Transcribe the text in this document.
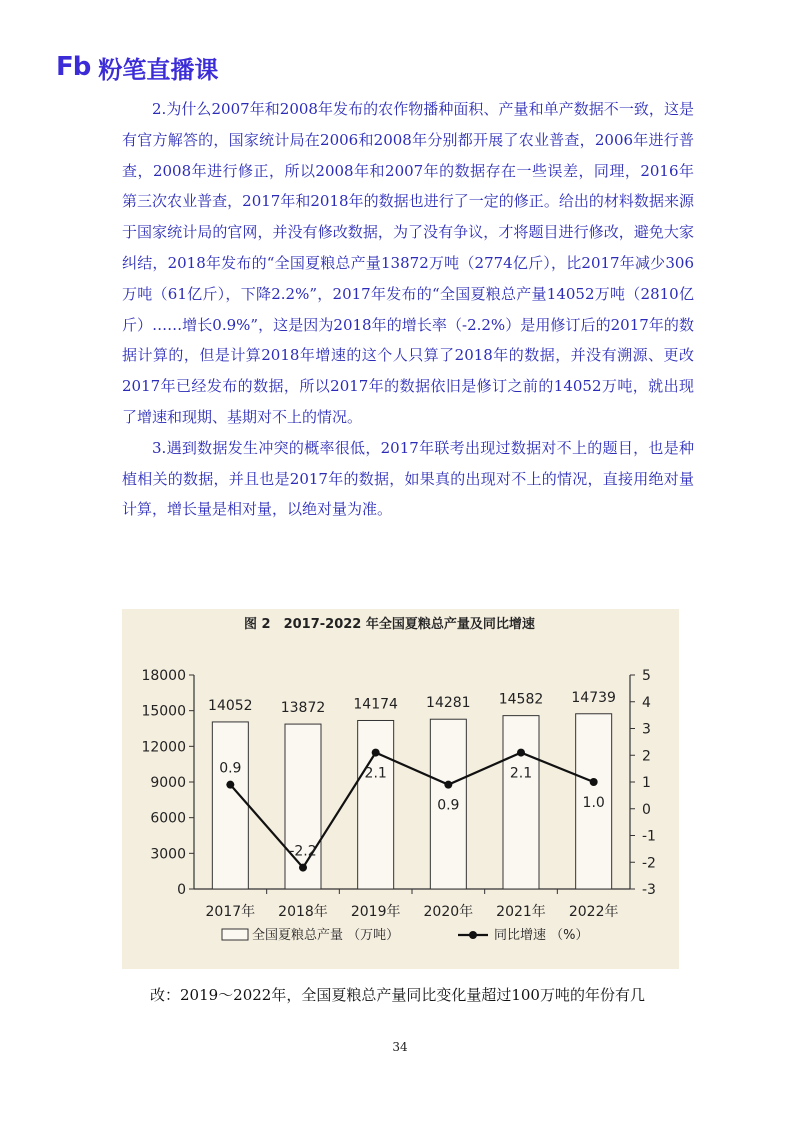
Fb 粉笔直播课

2.为什么2007年和2008年发布的农作物播种面积、产量和单产数据不一致，这是有官方解答的，国家统计局在2006和2008年分别都开展了农业普查，2006年进行普查，2008年进行修正，所以2008年和2007年的数据存在一些误差，同理，2016年第三次农业普查，2017年和2018年的数据也进行了一定的修正。给出的材料数据来源于国家统计局的官网，并没有修改数据，为了没有争议，才将题目进行修改，避免大家纠结，2018年发布的“全国夏粮总产量13872万吨（2774亿斤），比2017年减少306万吨（61亿斤），下降2.2%”，2017年发布的“全国夏粮总产量14052万吨（2810亿斤）……增长0.9%”，这是因为2018年的增长率（-2.2%）是用修订后的2017年的数据计算的，但是计算2018年增速的这个人只算了2018年的数据，并没有溯源、更改2017年已经发布的数据，所以2017年的数据依旧是修订之前的14052万吨，就出现了增速和现期、基期对不上的情况。

3.遇到数据发生冲突的概率很低，2017年联考出现过数据对不上的题目，也是种植相关的数据，并且也是2017年的数据，如果真的出现对不上的情况，直接用绝对量计算，增长量是相对量，以绝对量为准。

图 2　2017-2022 年全国夏粮总产量及同比增速
0
3000
6000
9000
12000
15000
18000
-3
-2
-1
0
1
2
3
4
5
14052 13872 14174 14281 14582 14739
2017年 2018年 2019年 2020年 2021年 2022年
0.9
-2.2
2.1
0.9
2.1
1.0
全国夏粮总产量 （万吨）	同比增速 （%）
改：2019～2022年，全国夏粮总产量同比变化量超过100万吨的年份有几
34
